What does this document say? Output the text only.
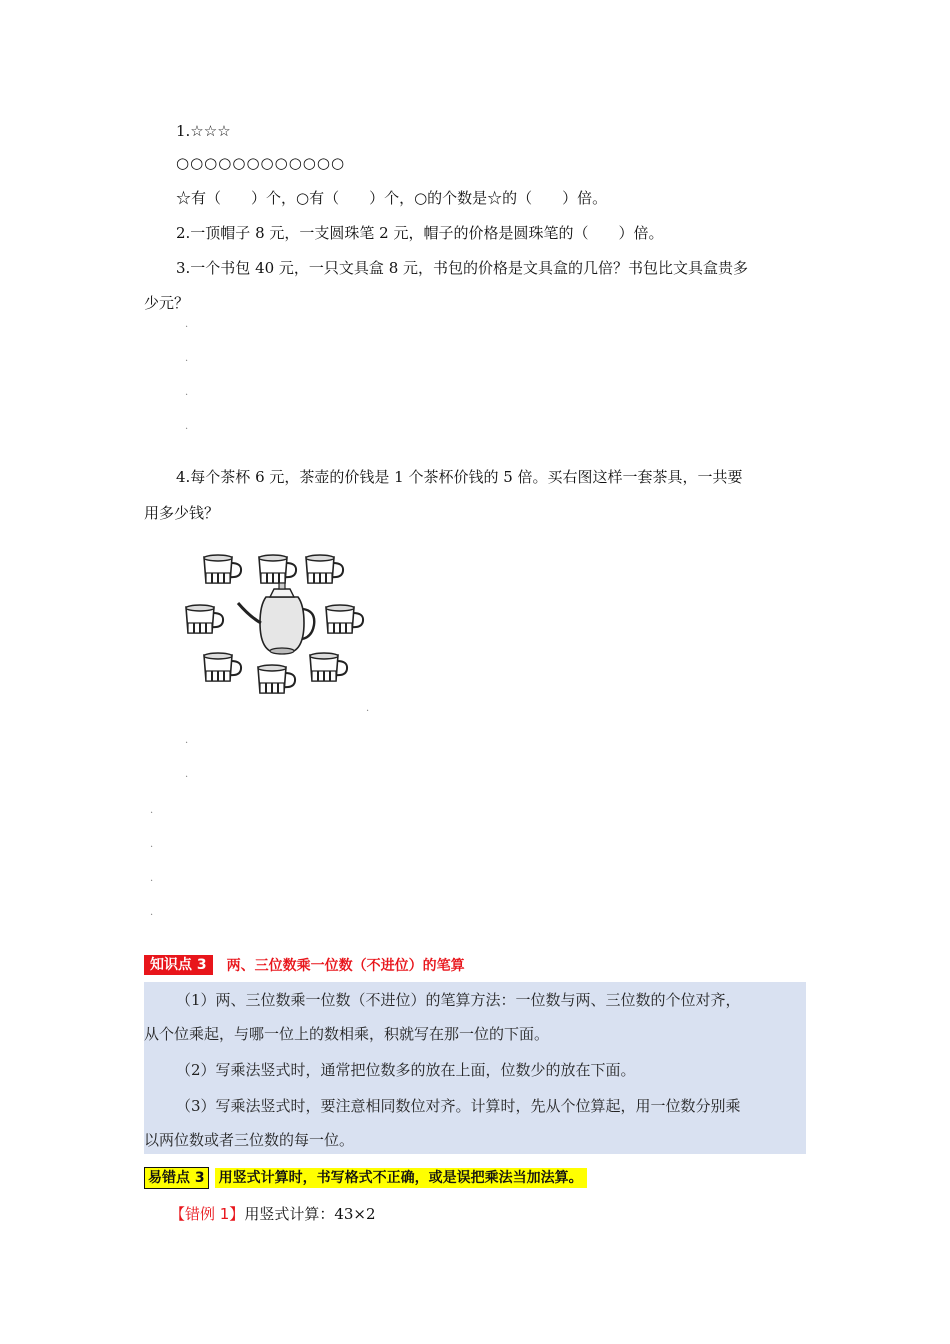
1.☆☆☆
○○○○○○○○○○○○
☆有（　　）个，○有（　　）个，○的个数是☆的（　　）倍。
2.一顶帽子 8 元，一支圆珠笔 2 元，帽子的价格是圆珠笔的（　　）倍。
3.一个书包 40 元，一只文具盒 8 元，书包的价格是文具盒的几倍？书包比文具盒贵多
少元？
·
·
·
·
4.每个茶杯 6 元，茶壶的价钱是 1 个茶杯价钱的 5 倍。买右图这样一套茶具，一共要
用多少钱？
·
·
·
·
·
·
·
知识点 3	两、三位数乘一位数（不进位）的笔算
（1）两、三位数乘一位数（不进位）的笔算方法：一位数与两、三位数的个位对齐，
从个位乘起，与哪一位上的数相乘，积就写在那一位的下面。
（2）写乘法竖式时，通常把位数多的放在上面，位数少的放在下面。
（3）写乘法竖式时，要注意相同数位对齐。计算时，先从个位算起，用一位数分别乘
以两位数或者三位数的每一位。
易错点 3 用竖式计算时，书写格式不正确，或是误把乘法当加法算。
【错例 1】用竖式计算：43×2
